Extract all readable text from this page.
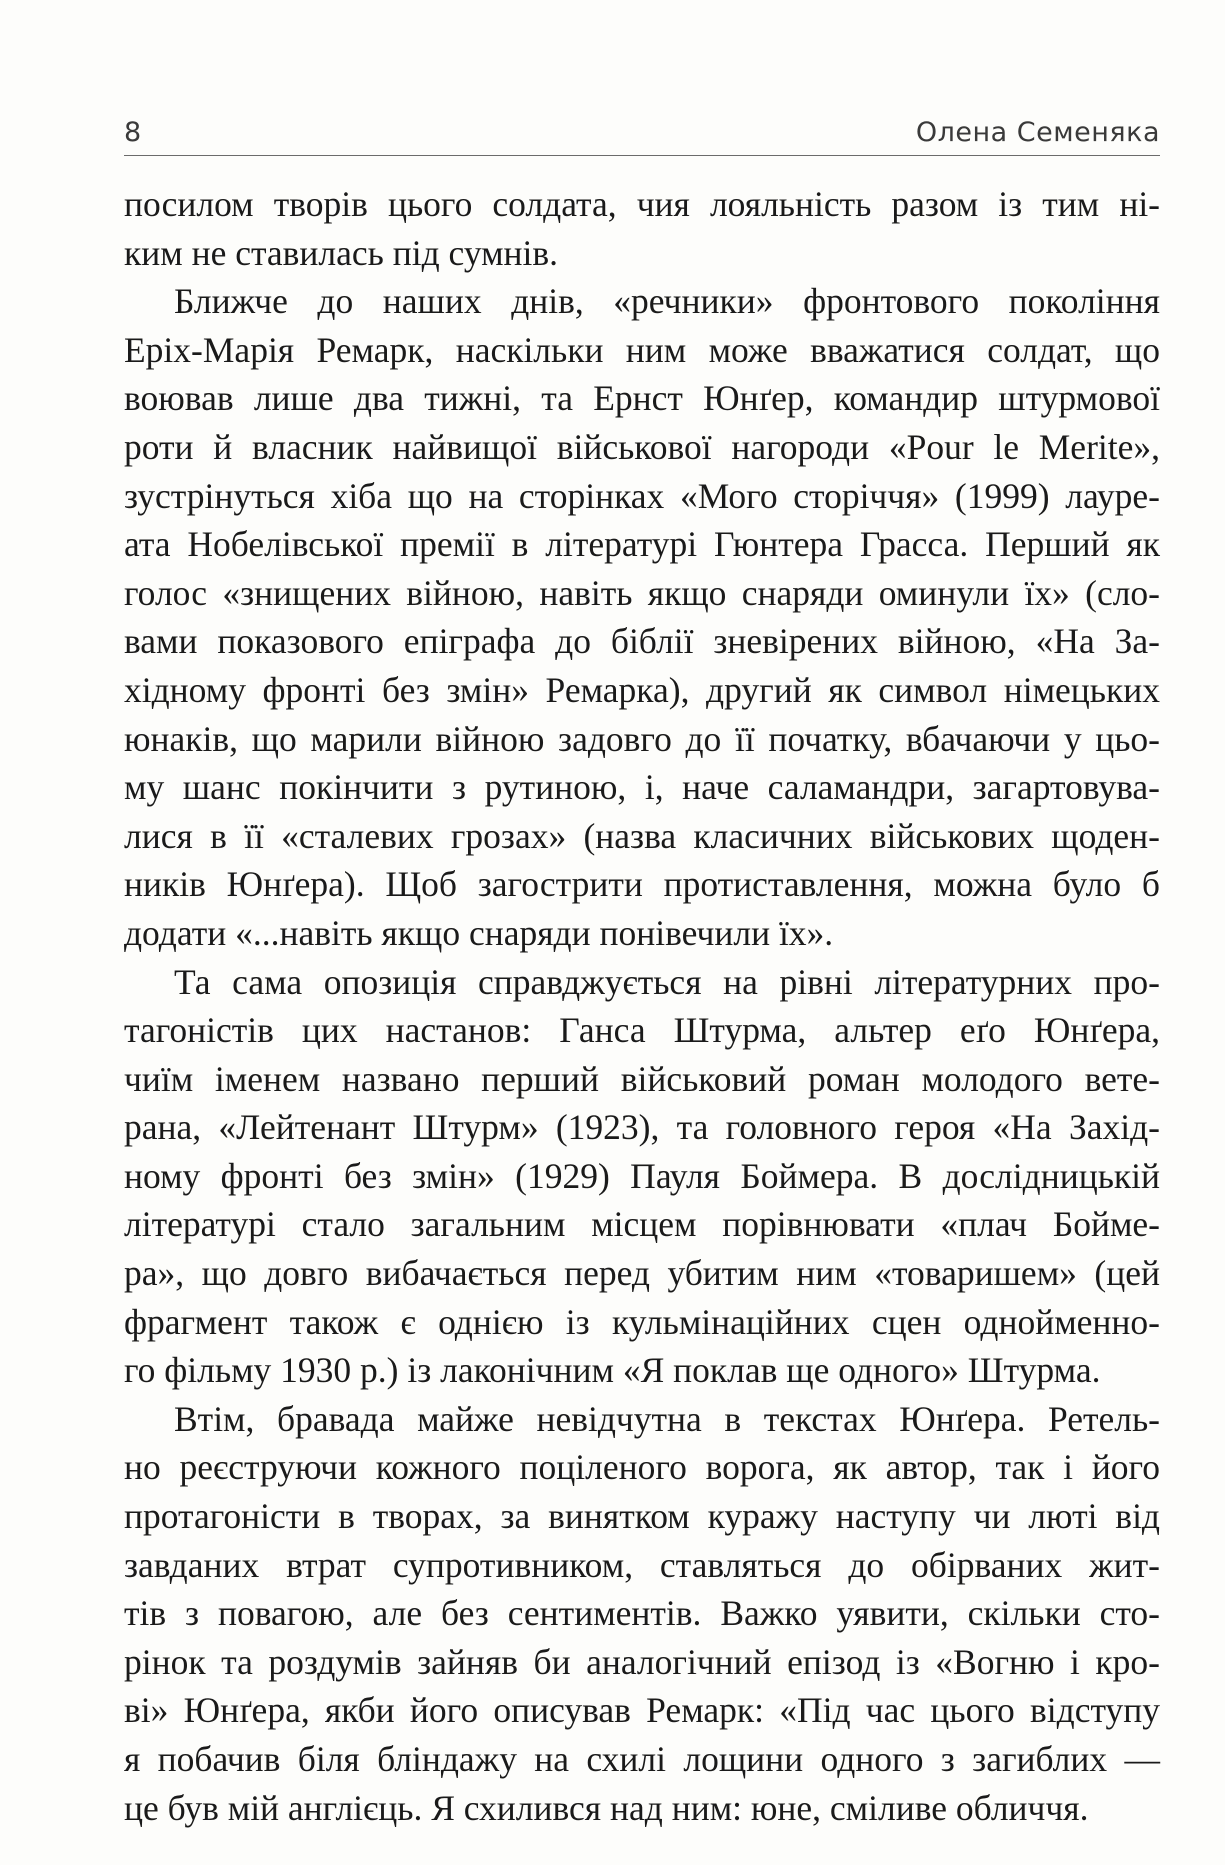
8	Олена Семеняка
посилом творів цього солдата, чия лояльність разом із тим ні-
ким не ставилась під сумнів.
Ближче до наших днів, «речники» фронтового покоління
Еріх-Марія Ремарк, наскільки ним може вважатися солдат, що
воював лише два тижні, та Ернст Юнґер, командир штурмової
роти й власник найвищої військової нагороди «Pour le Merite»,
зустрінуться хіба що на сторінках «Мого сторіччя» (1999) лауре-
ата Нобелівської премії в літературі Гюнтера Грасса. Перший як
голос «знищених війною, навіть якщо снаряди оминули їх» (сло-
вами показового епіграфа до біблії зневірених війною, «На За-
хідному фронті без змін» Ремарка), другий як символ німецьких
юнаків, що марили війною задовго до її початку, вбачаючи у цьо-
му шанс покінчити з рутиною, і, наче саламандри, загартовува-
лися в її «сталевих грозах» (назва класичних військових щоден-
ників Юнґера). Щоб загострити протиставлення, можна було б
додати «...навіть якщо снаряди понівечили їх».
Та сама опозиція справджується на рівні літературних про-
тагоністів цих настанов: Ганса Штурма, альтер еґо Юнґера,
чиїм іменем названо перший військовий роман молодого вете-
рана, «Лейтенант Штурм» (1923), та головного героя «На Захід-
ному фронті без змін» (1929) Пауля Боймера. В дослідницькій
літературі стало загальним місцем порівнювати «плач Бойме-
ра», що довго вибачається перед убитим ним «товаришем» (цей
фрагмент також є однією із кульмінаційних сцен однойменно-
го фільму 1930 р.) із лаконічним «Я поклав ще одного» Штурма.
Втім, бравада майже невідчутна в текстах Юнґера. Ретель-
но реєструючи кожного поціленого ворога, як автор, так і його
протагоністи в творах, за винятком куражу наступу чи люті від
завданих втрат супротивником, ставляться до обірваних жит-
тів з повагою, але без сентиментів. Важко уявити, скільки сто-
рінок та роздумів зайняв би аналогічний епізод із «Вогню і кро-
ві» Юнґера, якби його описував Ремарк: «Під час цього відступу
я побачив біля бліндажу на схилі лощини одного з загиблих —
це був мій англієць. Я схилився над ним: юне, сміливе обличчя.
